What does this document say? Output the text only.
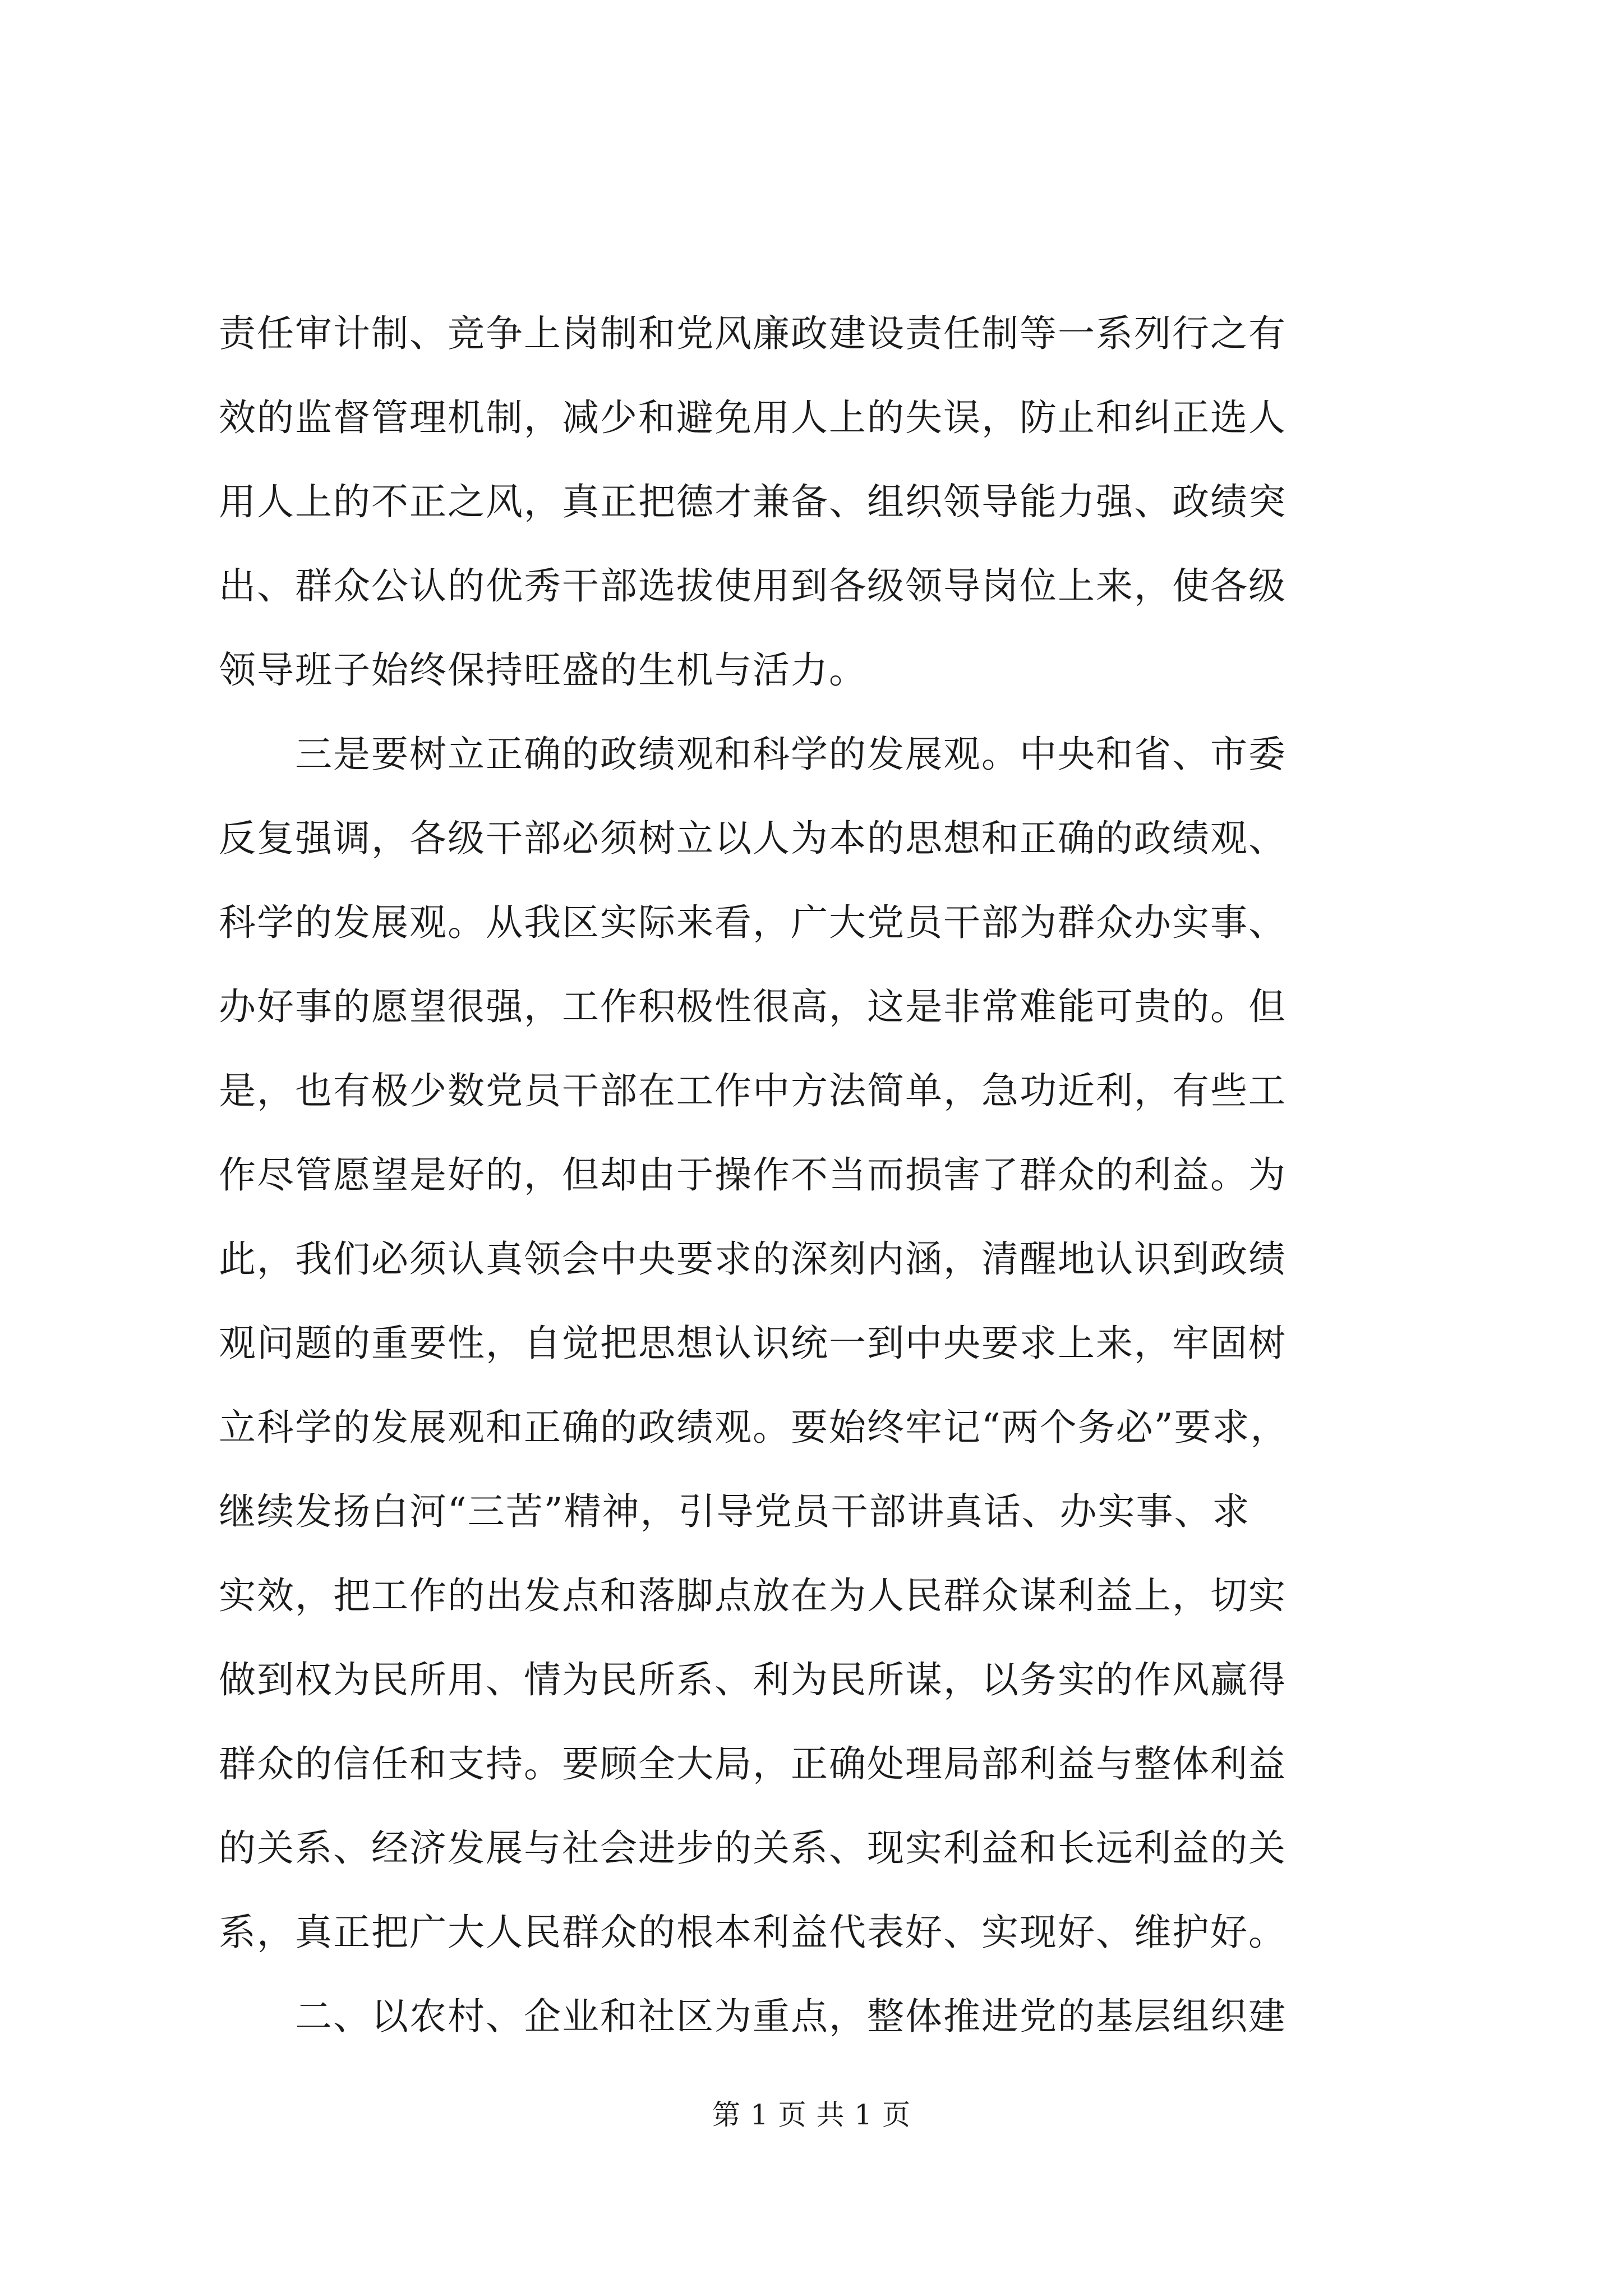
责任审计制、竞争上岗制和党风廉政建设责任制等一系列行之有
效的监督管理机制，减少和避免用人上的失误，防止和纠正选人
用人上的不正之风，真正把德才兼备、组织领导能力强、政绩突
出、群众公认的优秀干部选拔使用到各级领导岗位上来，使各级
领导班子始终保持旺盛的生机与活力。
　　三是要树立正确的政绩观和科学的发展观。中央和省、市委
反复强调，各级干部必须树立以人为本的思想和正确的政绩观、
科学的发展观。从我区实际来看，广大党员干部为群众办实事、
办好事的愿望很强，工作积极性很高，这是非常难能可贵的。但
是，也有极少数党员干部在工作中方法简单，急功近利，有些工
作尽管愿望是好的，但却由于操作不当而损害了群众的利益。为
此，我们必须认真领会中央要求的深刻内涵，清醒地认识到政绩
观问题的重要性，自觉把思想认识统一到中央要求上来，牢固树
立科学的发展观和正确的政绩观。要始终牢记“两个务必”要求，
继续发扬白河“三苦”精神，引导党员干部讲真话、办实事、求
实效，把工作的出发点和落脚点放在为人民群众谋利益上，切实
做到权为民所用、情为民所系、利为民所谋，以务实的作风赢得
群众的信任和支持。要顾全大局，正确处理局部利益与整体利益
的关系、经济发展与社会进步的关系、现实利益和长远利益的关
系，真正把广大人民群众的根本利益代表好、实现好、维护好。
　　二、以农村、企业和社区为重点，整体推进党的基层组织建
第 1 页 共 1 页
